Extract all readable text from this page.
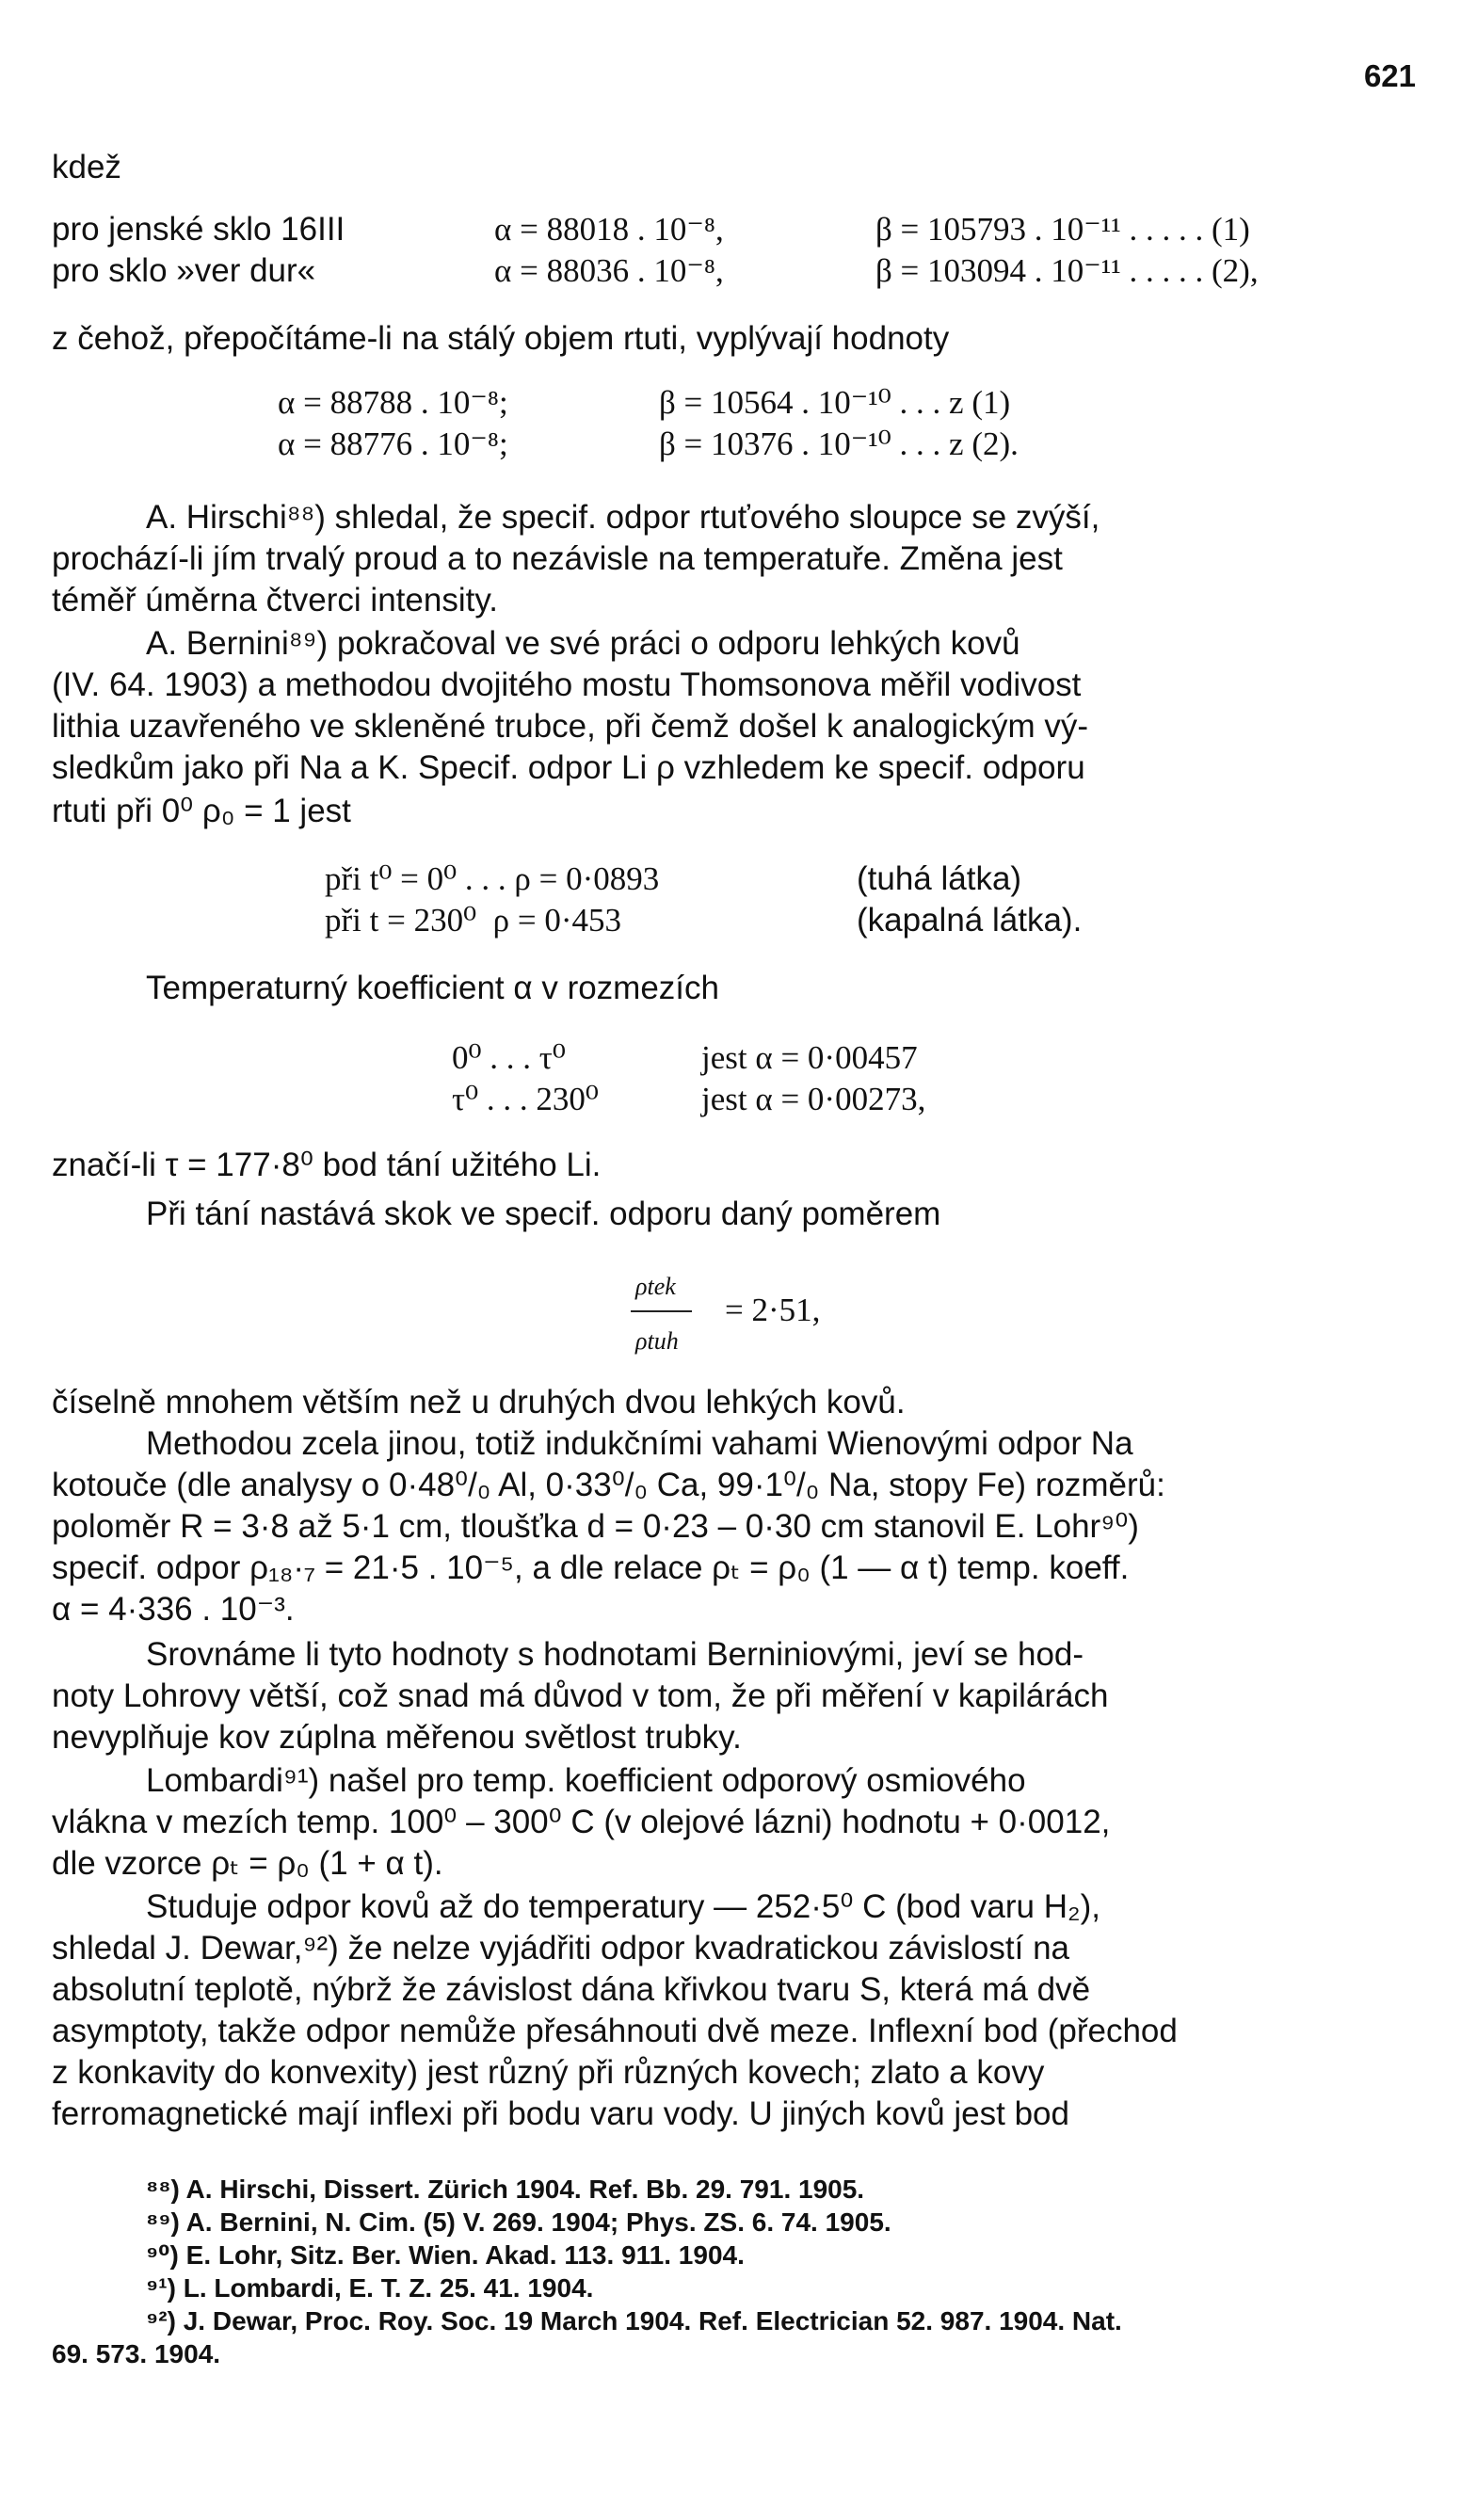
621
kdež
pro jenské sklo 16III	α = 88018 . 10⁻⁸,	β = 105793 . 10⁻¹¹ . . . . . (1)
pro sklo »ver dur«	α = 88036 . 10⁻⁸,	β = 103094 . 10⁻¹¹ . . . . . (2),
z čehož, přepočítáme-li na stálý objem rtuti, vyplývají hodnoty
α = 88788 . 10⁻⁸;	β = 10564 . 10⁻¹⁰ . . . z (1)
α = 88776 . 10⁻⁸;	β = 10376 . 10⁻¹⁰ . . . z (2).
A. Hirschi⁸⁸) shledal, že specif. odpor rtuťového sloupce se zvýší,
prochází-li jím trvalý proud a to nezávisle na temperatuře. Změna jest
téměř úměrna čtverci intensity.
A. Bernini⁸⁹) pokračoval ve své práci o odporu lehkých kovů
(IV. 64. 1903) a methodou dvojitého mostu Thomsonova měřil vodivost
lithia uzavřeného ve skleněné trubce, při čemž došel k analogickým vý-
sledkům jako při Na a K. Specif. odpor Li ρ vzhledem ke specif. odporu
rtuti při 0⁰ ρ₀ = 1 jest
při t⁰ = 0⁰ . . . ρ = 0·0893	(tuhá látka)
při t = 230⁰  ρ = 0·453	(kapalná látka).
Temperaturný koefficient α v rozmezích
0⁰ . . . τ⁰	jest α = 0·00457
τ⁰ . . . 230⁰	jest α = 0·00273,
značí-li τ = 177·8⁰ bod tání užitého Li.
Při tání nastává skok ve specif. odporu daný poměrem
ρtek
ρtuh
= 2·51,
číselně mnohem větším než u druhých dvou lehkých kovů.
Methodou zcela jinou, totiž indukčními vahami Wienovými odpor Na
kotouče (dle analysy o 0·48⁰/₀ Al, 0·33⁰/₀ Ca, 99·1⁰/₀ Na, stopy Fe) rozměrů:
poloměr R = 3·8 až 5·1 cm, tloušťka d = 0·23 – 0·30 cm stanovil E. Lohr⁹⁰)
specif. odpor ρ₁₈·₇ = 21·5 . 10⁻⁵, a dle relace ρₜ = ρ₀ (1 — α t) temp. koeff.
α = 4·336 . 10⁻³.
Srovnáme li tyto hodnoty s hodnotami Berniniovými, jeví se hod-
noty Lohrovy větší, což snad má důvod v tom, že při měření v kapilárách
nevyplňuje kov zúplna měřenou světlost trubky.
Lombardi⁹¹) našel pro temp. koefficient odporový osmiového
vlákna v mezích temp. 100⁰ – 300⁰ C (v olejové lázni) hodnotu + 0·0012,
dle vzorce ρₜ = ρ₀ (1 + α t).
Studuje odpor kovů až do temperatury — 252·5⁰ C (bod varu H₂),
shledal J. Dewar,⁹²) že nelze vyjádřiti odpor kvadratickou závislostí na
absolutní teplotě, nýbrž že závislost dána křivkou tvaru S, která má dvě
asymptoty, takže odpor nemůže přesáhnouti dvě meze. Inflexní bod (přechod
z konkavity do konvexity) jest různý při různých kovech; zlato a kovy
ferromagnetické mají inflexi při bodu varu vody. U jiných kovů jest bod
⁸⁸) A. Hirschi, Dissert. Zürich 1904. Ref. Bb. 29. 791. 1905.
⁸⁹) A. Bernini, N. Cim. (5) V. 269. 1904; Phys. ZS. 6. 74. 1905.
⁹⁰) E. Lohr, Sitz. Ber. Wien. Akad. 113. 911. 1904.
⁹¹) L. Lombardi, E. T. Z. 25. 41. 1904.
⁹²) J. Dewar, Proc. Roy. Soc. 19 March 1904. Ref. Electrician 52. 987. 1904. Nat.
69. 573. 1904.
